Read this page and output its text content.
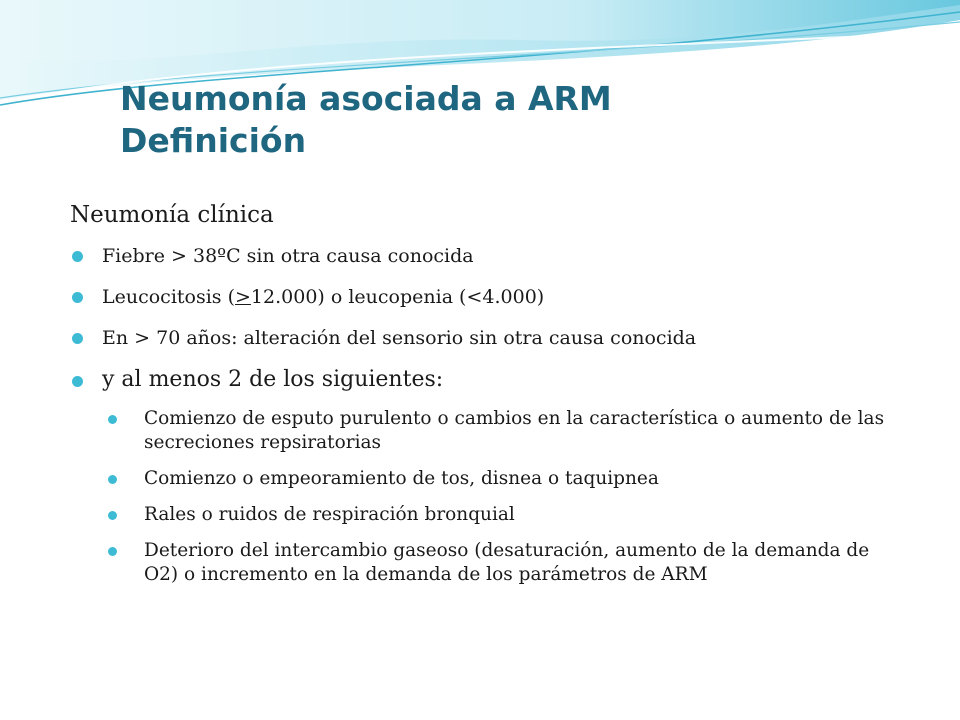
Neumonía asociada a ARM
Definición
Neumonía clínica
Fiebre > 38ºC sin otra causa conocida
Leucocitosis (>12.000) o leucopenia (<4.000)
En > 70 años: alteración del sensorio sin otra causa conocida
y al menos 2 de los siguientes:
Comienzo de esputo purulento o cambios en la característica o aumento de las secreciones repsiratorias
Comienzo o empeoramiento de tos, disnea o taquipnea
Rales o ruidos de respiración bronquial
Deterioro del intercambio gaseoso (desaturación, aumento de la demanda de O2) o incremento en la demanda de los parámetros de ARM
